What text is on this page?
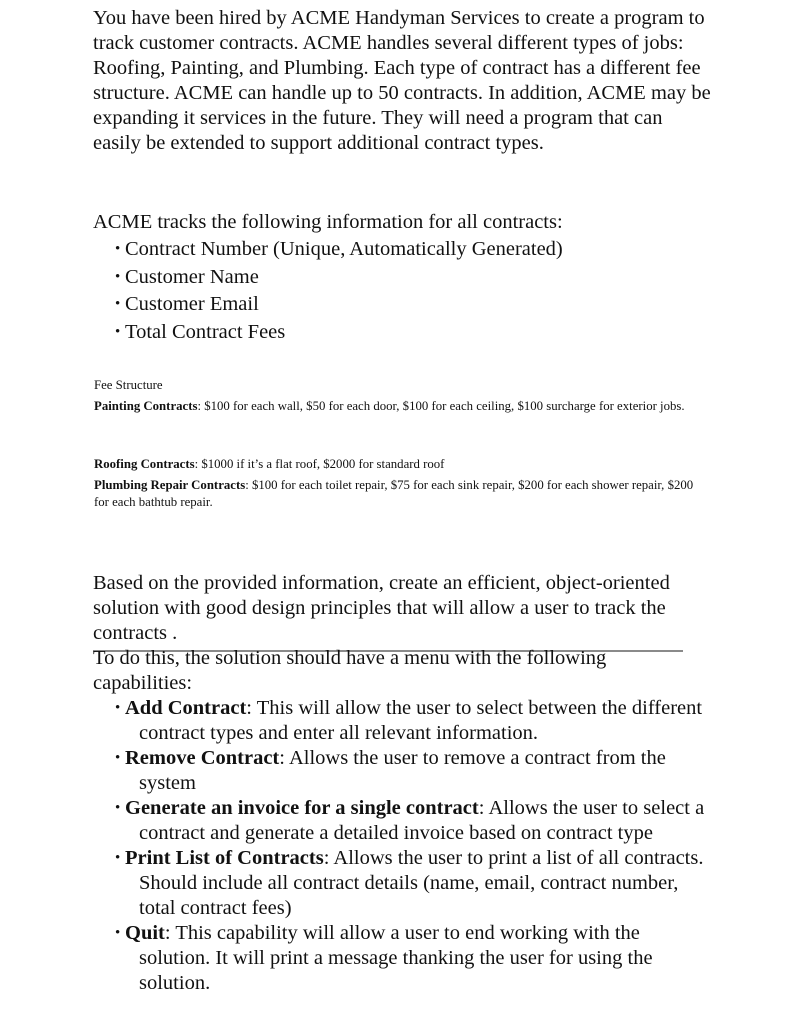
You have been hired by ACME Handyman Services to create a program to track customer contracts. ACME handles several different types of jobs: Roofing, Painting, and Plumbing. Each type of contract has a different fee structure. ACME can handle up to 50 contracts. In addition, ACME may be expanding it services in the future. They will need a program that can easily be extended to support additional contract types.
ACME tracks the following information for all contracts:
• Contract Number (Unique, Automatically Generated)
• Customer Name
• Customer Email
• Total Contract Fees
Fee Structure
Painting Contracts: $100 for each wall, $50 for each door, $100 for each ceiling, $100 surcharge for exterior jobs.
Roofing Contracts: $1000 if it’s a flat roof, $2000 for standard roof
Plumbing Repair Contracts: $100 for each toilet repair, $75 for each sink repair, $200 for each shower repair, $200 for each bathtub repair.
Based on the provided information, create an efficient, object-oriented solution with good design principles that will allow a user to track the contracts .
To do this, the solution should have a menu with the following capabilities:
• Add Contract: This will allow the user to select between the different contract types and enter all relevant information.
• Remove Contract: Allows the user to remove a contract from the system
• Generate an invoice for a single contract: Allows the user to select a contract and generate a detailed invoice based on contract type
• Print List of Contracts: Allows the user to print a list of all contracts. Should include all contract details (name, email, contract number, total contract fees)
• Quit: This capability will allow a user to end working with the solution. It will print a message thanking the user for using the solution.
